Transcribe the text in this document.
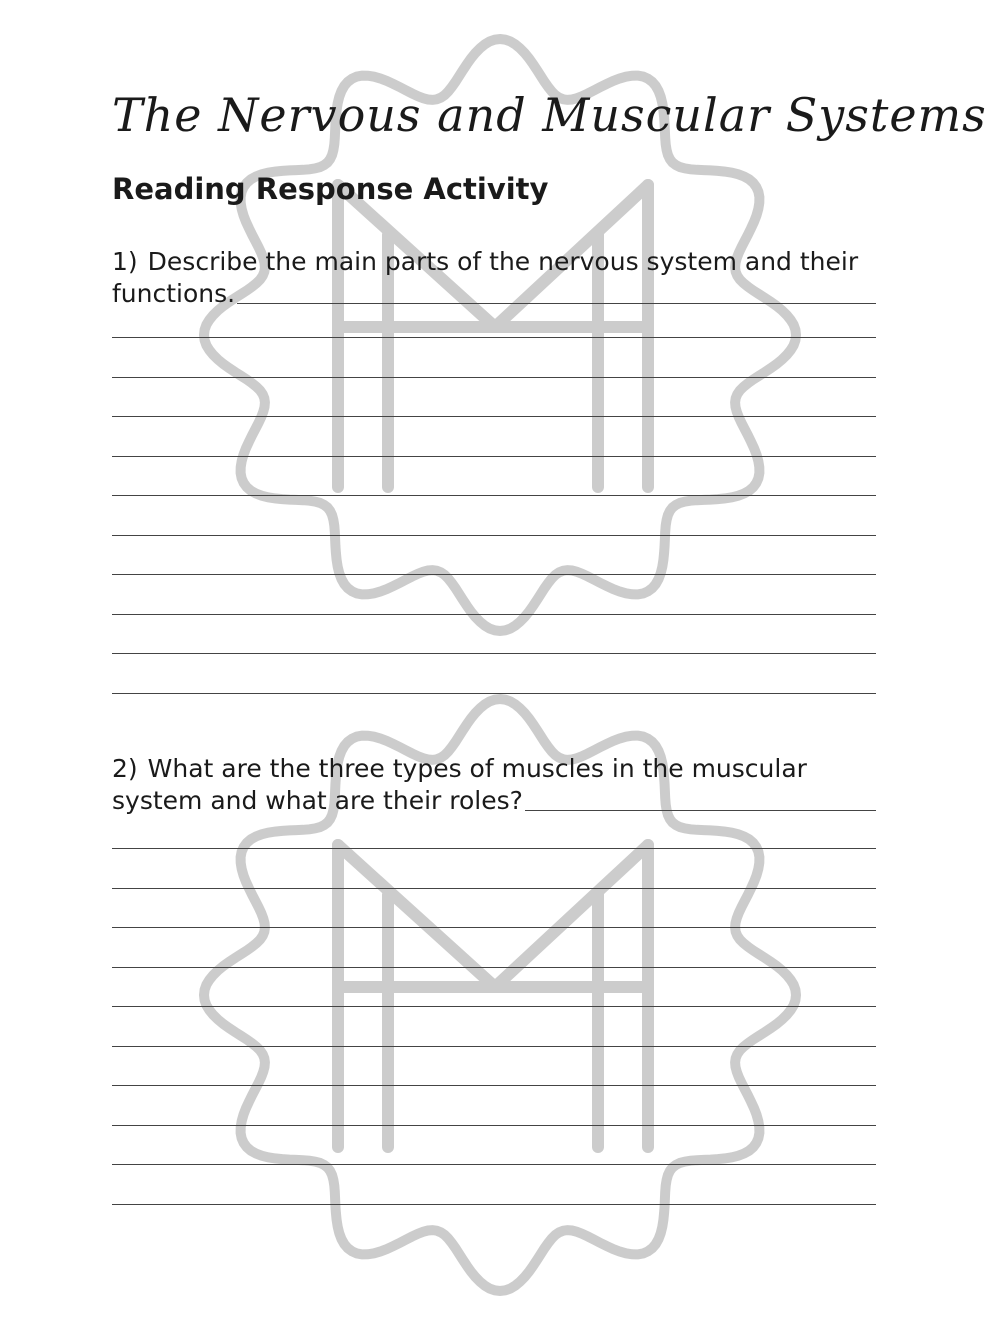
The Nervous and Muscular Systems
Reading Response Activity
1) Describe the main parts of the nervous system and their
functions.
2) What are the three types of muscles in the muscular
system and what are their roles?
